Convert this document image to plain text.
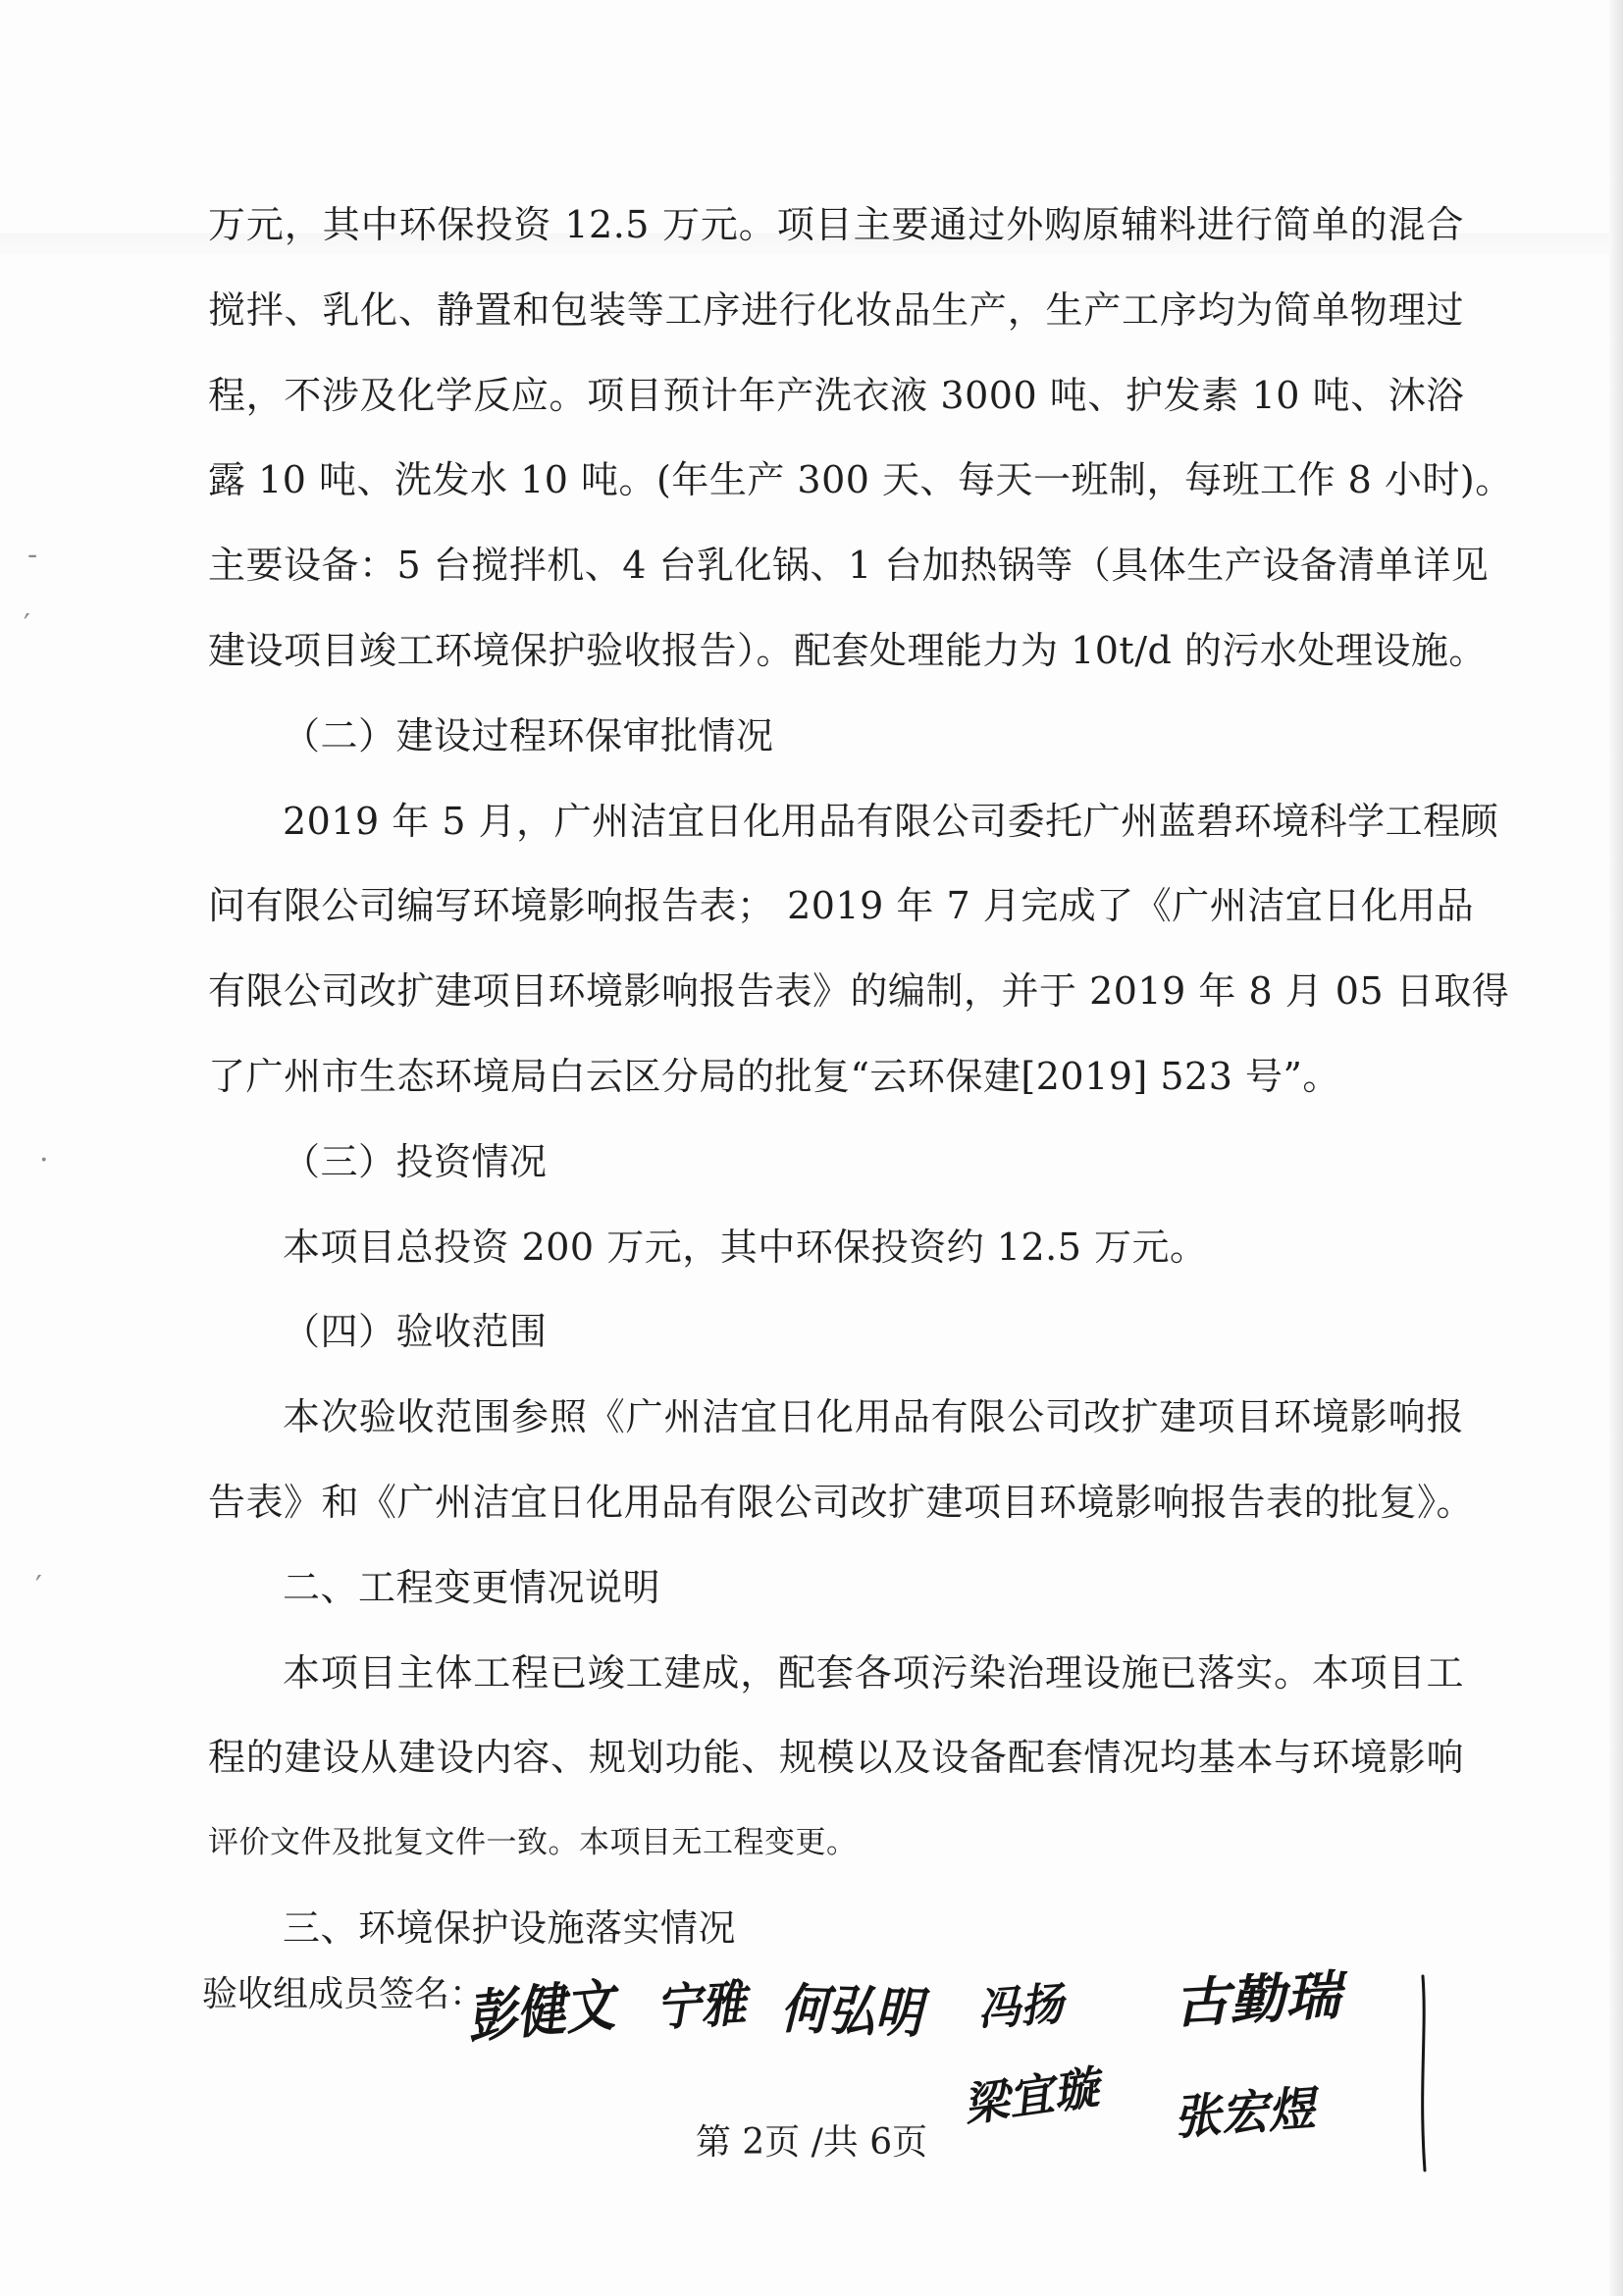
-
′
·
′
万元，其中环保投资 12.5 万元。项目主要通过外购原辅料进行简单的混合
搅拌、乳化、静置和包装等工序进行化妆品生产，生产工序均为简单物理过
程，不涉及化学反应。项目预计年产洗衣液 3000 吨、护发素 10 吨、沐浴
露 10 吨、洗发水 10 吨。(年生产 300 天、每天一班制，每班工作 8 小时)。
主要设备：5 台搅拌机、4 台乳化锅、1 台加热锅等（具体生产设备清单详见
建设项目竣工环境保护验收报告）。配套处理能力为 10t/d 的污水处理设施。
（二）建设过程环保审批情况
2019 年 5 月，广州洁宜日化用品有限公司委托广州蓝碧环境科学工程顾
问有限公司编写环境影响报告表； 2019 年 7 月完成了《广州洁宜日化用品
有限公司改扩建项目环境影响报告表》的编制，并于 2019 年 8 月 05 日取得
了广州市生态环境局白云区分局的批复“云环保建[2019] 523 号”。
（三）投资情况
本项目总投资 200 万元，其中环保投资约 12.5 万元。
（四）验收范围
本次验收范围参照《广州洁宜日化用品有限公司改扩建项目环境影响报
告表》和《广州洁宜日化用品有限公司改扩建项目环境影响报告表的批复》。
二、工程变更情况说明
本项目主体工程已竣工建成，配套各项污染治理设施已落实。本项目工
程的建设从建设内容、规划功能、规模以及设备配套情况均基本与环境影响
评价文件及批复文件一致。本项目无工程变更。
三、环境保护设施落实情况
验收组成员签名：
彭健文 宁雅 何弘明 冯扬
梁宜璇
古勤瑞
张宏煜
第 2页 /共 6页
